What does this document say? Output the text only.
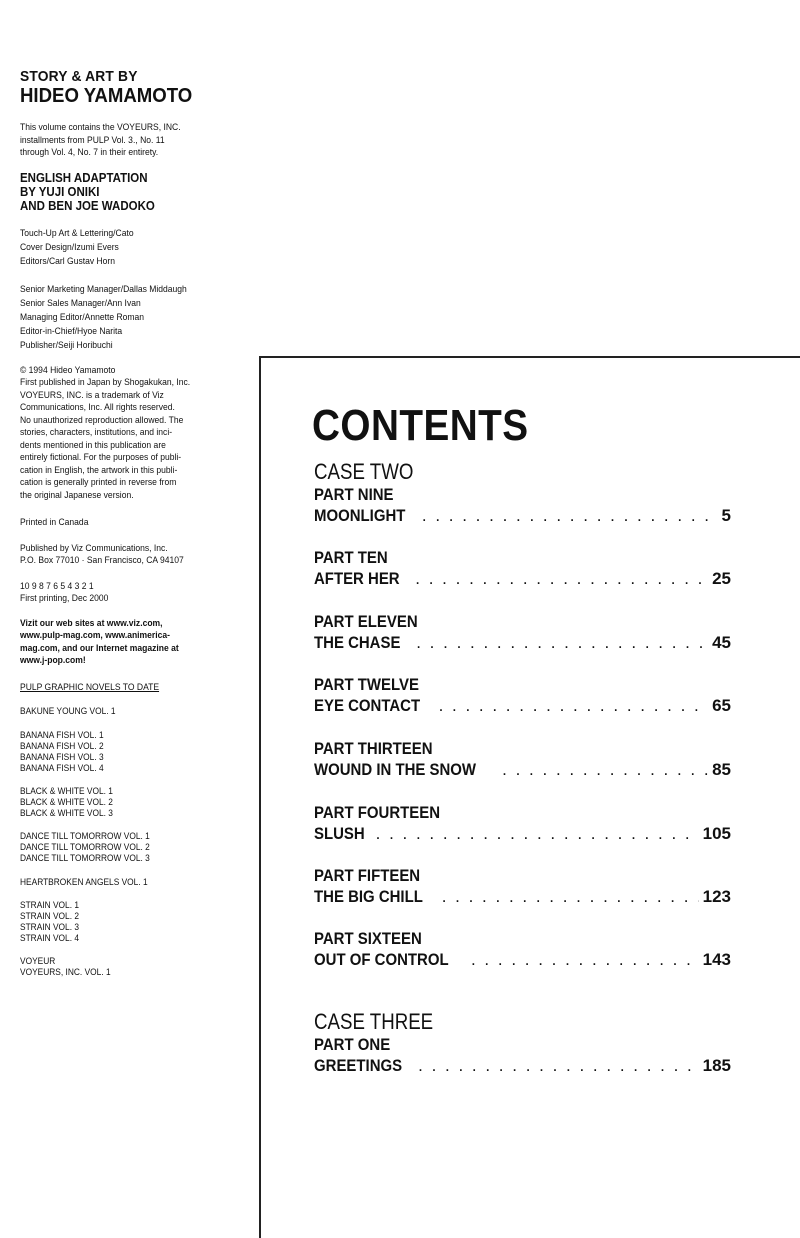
STORY & ART BY
HIDEO YAMAMOTO
This volume contains the VOYEURS, INC.
installments from PULP Vol. 3., No. 11
through Vol. 4, No. 7 in their entirety.
ENGLISH ADAPTATION
BY YUJI ONIKI
AND BEN JOE WADOKO
Touch-Up Art & Lettering/Cato
Cover Design/Izumi Evers
Editors/Carl Gustav Horn
Senior Marketing Manager/Dallas Middaugh
Senior Sales Manager/Ann Ivan
Managing Editor/Annette Roman
Editor-in-Chief/Hyoe Narita
Publisher/Seiji Horibuchi
© 1994 Hideo Yamamoto
First published in Japan by Shogakukan, Inc.
VOYEURS, INC. is a trademark of Viz
Communications, Inc. All rights reserved.
No unauthorized reproduction allowed. The
stories, characters, institutions, and inci-
dents mentioned in this publication are
entirely fictional. For the purposes of publi-
cation in English, the artwork in this publi-
cation is generally printed in reverse from
the original Japanese version.
Printed in Canada
Published by Viz Communications, Inc.
P.O. Box 77010 · San Francisco, CA 94107
10 9 8 7 6 5 4 3 2 1
First printing, Dec 2000
Vizit our web sites at www.viz.com,
www.pulp-mag.com, www.animerica-
mag.com, and our Internet magazine at
www.j-pop.com!
PULP GRAPHIC NOVELS TO DATE
BAKUNE YOUNG VOL. 1
BANANA FISH VOL. 1
BANANA FISH VOL. 2
BANANA FISH VOL. 3
BANANA FISH VOL. 4
BLACK & WHITE VOL. 1
BLACK & WHITE VOL. 2
BLACK & WHITE VOL. 3
DANCE TILL TOMORROW VOL. 1
DANCE TILL TOMORROW VOL. 2
DANCE TILL TOMORROW VOL. 3
HEARTBROKEN ANGELS VOL. 1
STRAIN VOL. 1
STRAIN VOL. 2
STRAIN VOL. 3
STRAIN VOL. 4
VOYEUR
VOYEURS, INC. VOL. 1
CONTENTS
CASE TWO
PART NINE
MOONLIGHT . . .	5
PART TEN
AFTER HER . . .	25
PART ELEVEN
THE CHASE . . .	45
PART TWELVE
EYE CONTACT . . .	65
PART THIRTEEN
WOUND IN THE SNOW . . .	85
PART FOURTEEN
SLUSH . . .	105
PART FIFTEEN
THE BIG CHILL . . .	123
PART SIXTEEN
OUT OF CONTROL . . .	143
CASE THREE
PART ONE
GREETINGS . . .	185
